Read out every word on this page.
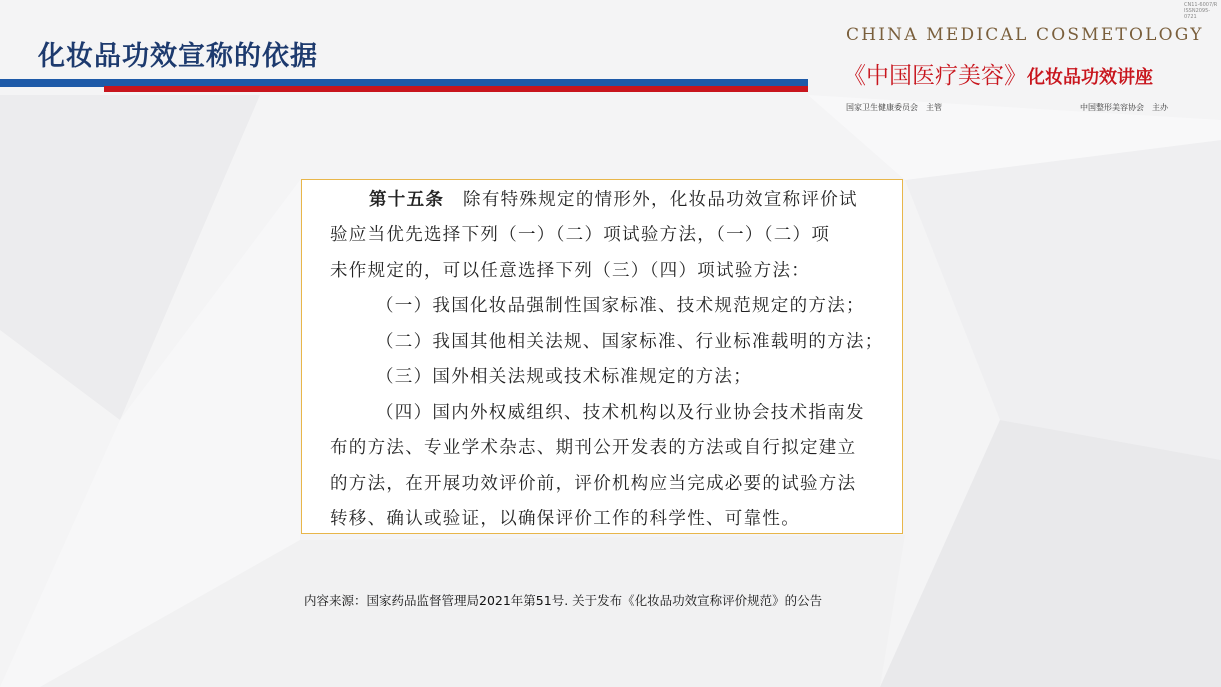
CN11-6007/R
ISSN2095-0721
化妆品功效宣称的依据
CHINA MEDICAL COSMETOLOGY
《中国医疗美容》化妆品功效讲座
国家卫生健康委员会　主管	中国整形美容协会　主办
第十五条　 除有特殊规定的情形外，化妆品功效宣称评价试
验应当优先选择下列（一）（二）项试验方法，（一）（二）项
未作规定的，可以任意选择下列（三）（四）项试验方法：
（一）我国化妆品强制性国家标准、技术规范规定的方法；
（二）我国其他相关法规、国家标准、行业标准载明的方法；
（三）国外相关法规或技术标准规定的方法；
（四）国内外权威组织、技术机构以及行业协会技术指南发
布的方法、专业学术杂志、期刊公开发表的方法或自行拟定建立
的方法，在开展功效评价前，评价机构应当完成必要的试验方法
转移、确认或验证，以确保评价工作的科学性、可靠性。
内容来源：国家药品监督管理局2021年第51号. 关于发布《化妆品功效宣称评价规范》的公告
